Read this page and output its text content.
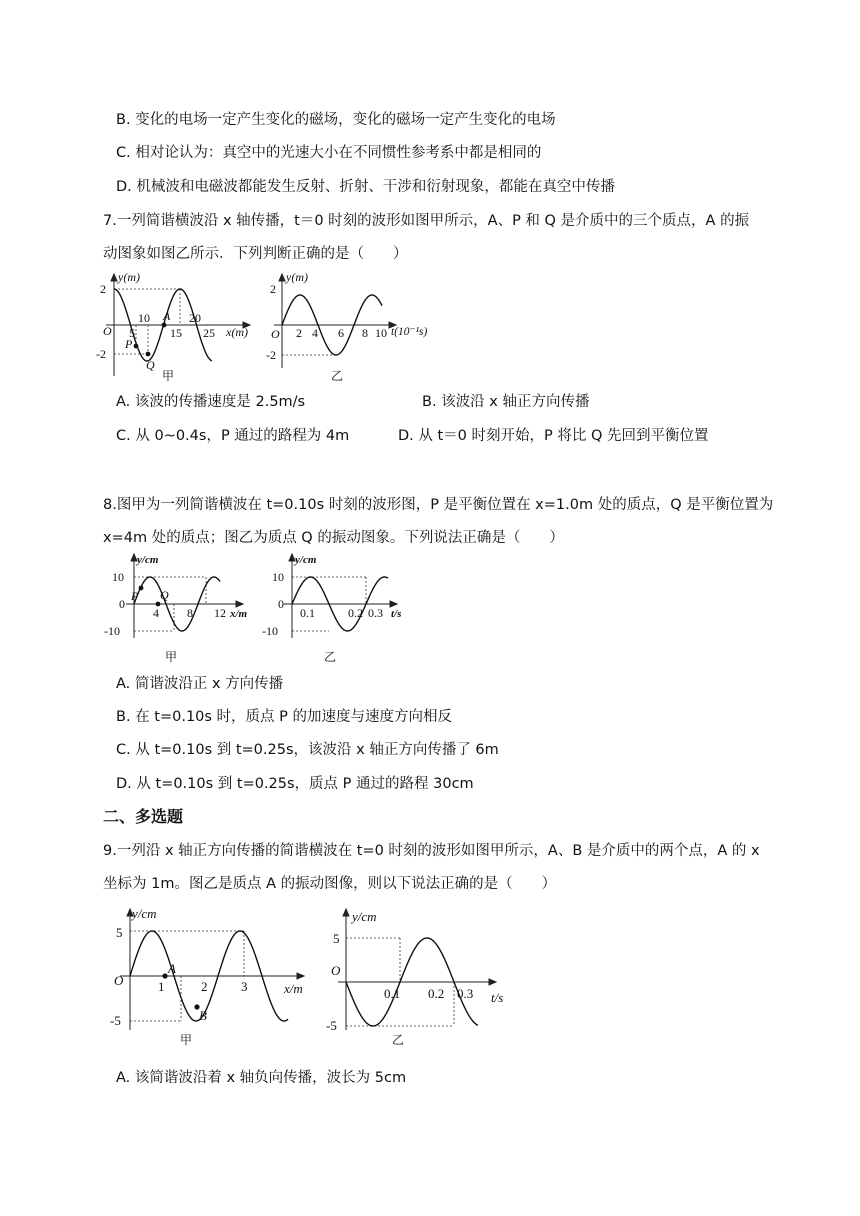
B. 变化的电场一定产生变化的磁场，变化的磁场一定产生变化的电场
C. 相对论认为：真空中的光速大小在不同惯性参考系中都是相同的
D. 机械波和电磁波都能发生反射、折射、干涉和衍射现象，都能在真空中传播
7.一列简谐横波沿 x 轴传播，t＝0 时刻的波形如图甲所示，A、P 和 Q 是介质中的三个质点，A 的振
动图象如图乙所示．下列判断正确的是（　　）
y(m)
2
-2
O 5
10
15
20
25 x(m)
P
Q
A
甲
y(m)
2
-2
O 2 4 6 8 10 t(10⁻¹s)
乙
A. 该波的传播速度是 2.5m/s	B. 该波沿 x 轴正方向传播
C. 从 0~0.4s，P 通过的路程为 4m	D. 从 t＝0 时刻开始，P 将比 Q 先回到平衡位置
8.图甲为一列简谐横波在 t=0.10s 时刻的波形图，P 是平衡位置在 x=1.0m 处的质点，Q 是平衡位置为
x=4m 处的质点；图乙为质点 Q 的振动图象。下列说法正确是（　　）
y/cm
10
-10
0
4 8 12 x/m
P Q
甲
y/cm
10
-10
0
0.1	0.2 0.3 t/s
乙
A. 简谐波沿正 x 方向传播
B. 在 t=0.10s 时，质点 P 的加速度与速度方向相反
C. 从 t=0.10s 到 t=0.25s，该波沿 x 轴正方向传播了 6m
D. 从 t=0.10s 到 t=0.25s，质点 P 通过的路程 30cm
二、多选题
9.一列沿 x 轴正方向传播的简谐横波在 t=0 时刻的波形如图甲所示，A、B 是介质中的两个点，A 的 x
坐标为 1m。图乙是质点 A 的振动图像，则以下说法正确的是（　　）
y/cm
5
-5
O	1	2	3	x/m
A
B
甲
y/cm
5
-5
O
0.1 0.2 0.3 t/s
乙
A. 该简谐波沿着 x 轴负向传播，波长为 5cm
